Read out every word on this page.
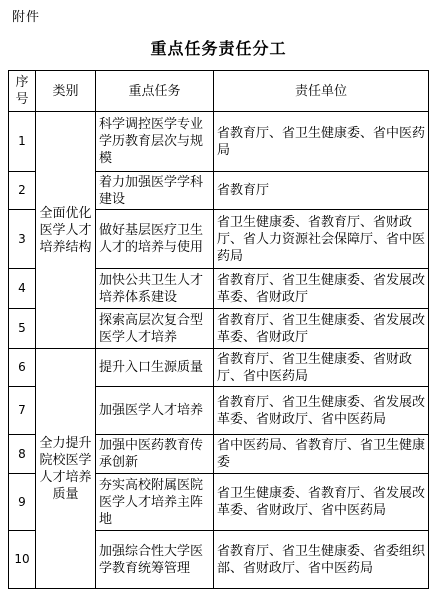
附件
重点任务责任分工
序号	类别	重点任务	责任单位
1	全面优化医学人才培养结构	科学调控医学专业学历教育层次与规模	省教育厅、省卫生健康委、省中医药局
2		着力加强医学学科建设	省教育厅
3		做好基层医疗卫生人才的培养与使用	省卫生健康委、省教育厅、省财政厅、省人力资源社会保障厅、省中医药局
4		加快公共卫生人才培养体系建设	省教育厅、省卫生健康委、省发展改革委、省财政厅
5		探索高层次复合型医学人才培养	省教育厅、省卫生健康委、省发展改革委、省财政厅
6	全力提升院校医学人才培养质量	提升入口生源质量	省教育厅、省卫生健康委、省财政厅、省中医药局
7		加强医学人才培养	省教育厅、省卫生健康委、省发展改革委、省财政厅、省中医药局
8		加强中医药教育传承创新	省中医药局、省教育厅、省卫生健康委
9		夯实高校附属医院医学人才培养主阵地	省卫生健康委、省教育厅、省发展改革委、省财政厅、省中医药局
10		加强综合性大学医学教育统筹管理	省教育厅、省卫生健康委、省委组织部、省财政厅、省中医药局
